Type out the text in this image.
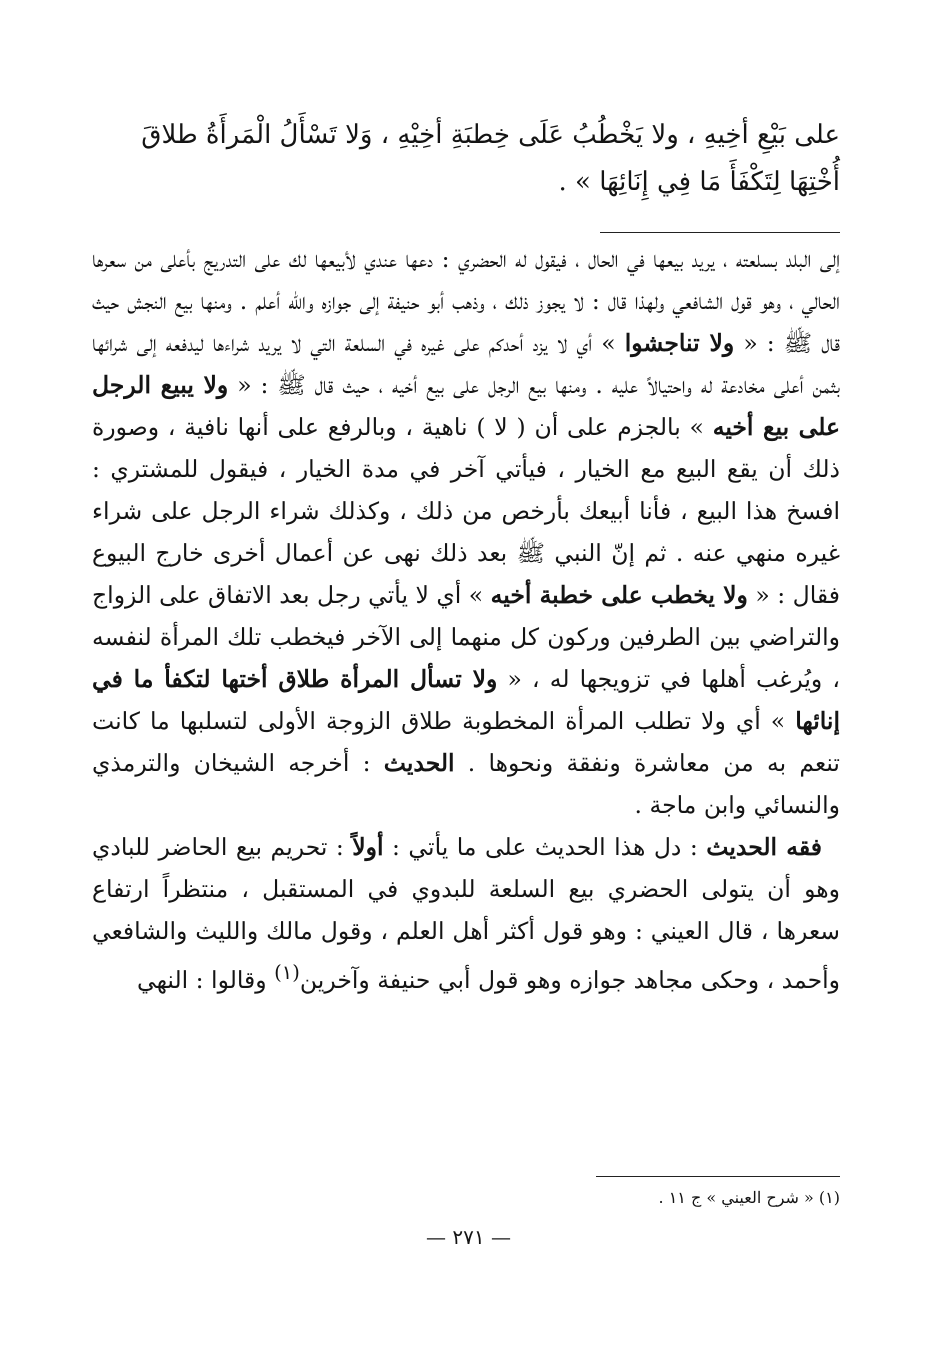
على بَيْعِ أخِيهِ ، ولا يَخْطُبُ عَلَى خِطبَةِ أخِيْهِ ، وَلا تَسْأَلُ الْمَرأَةُ طلاقَ
أُخْتِهَا لِتَكْفَأَ مَا فِي إِنَائِهَا » .

إلى البلد بسلعته ، يريد بيعها في الحال ، فيقول له الحضري : دعها عندي لأبيعها لك على التدريج بأعلى من سعرها الحالي ، وهو قول الشافعي ولهذا قال : لا يجوز ذلك ، وذهب أبو حنيفة إلى جوازه والله أعلم . ومنها بيع النجش حيث قال ﷺ : « ولا تناجشوا » أي لا يزد أحدكم على غيره في السلعة التي لا يريد شراءها ليدفعه إلى شرائها بثمن أعلى مخادعة له واحتيالاً عليه . ومنها بيع الرجل على بيع أخيه ، حيث قال ﷺ : « ولا يبيع الرجل على بيع أخيه » بالجزم على أن ( لا ) ناهية ، وبالرفع على أنها نافية ، وصورة ذلك أن يقع البيع مع الخيار ، فيأتي آخر في مدة الخيار ، فيقول للمشتري : افسخ هذا البيع ، فأنا أبيعك بأرخص من ذلك ، وكذلك شراء الرجل على شراء غيره منهي عنه . ثم إنّ النبي ﷺ بعد ذلك نهى عن أعمال أخرى خارج البيوع فقال : « ولا يخطب على خطبة أخيه » أي لا يأتي رجل بعد الاتفاق على الزواج والتراضي بين الطرفين وركون كل منهما إلى الآخر فيخطب تلك المرأة لنفسه ، ويُرغب أهلها في تزويجها له ، « ولا تسأل المرأة طلاق أختها لتكفأ ما في إنائها » أي ولا تطلب المرأة المخطوبة طلاق الزوجة الأولى لتسلبها ما كانت تنعم به من معاشرة ونفقة ونحوها . الحديث : أخرجه الشيخان والترمذي والنسائي وابن ماجة .

فقه الحديث : دل هذا الحديث على ما يأتي : أولاً : تحريم بيع الحاضر للبادي وهو أن يتولى الحضري بيع السلعة للبدوي في المستقبل ، منتظراً ارتفاع سعرها ، قال العيني : وهو قول أكثر أهل العلم ، وقول مالك والليث والشافعي وأحمد ، وحكى مجاهد جوازه وهو قول أبي حنيفة وآخرين$^{(١)}$ وقالوا : النهي

(١) « شرح العيني » ج ١١ .
— ٢٧١ —
